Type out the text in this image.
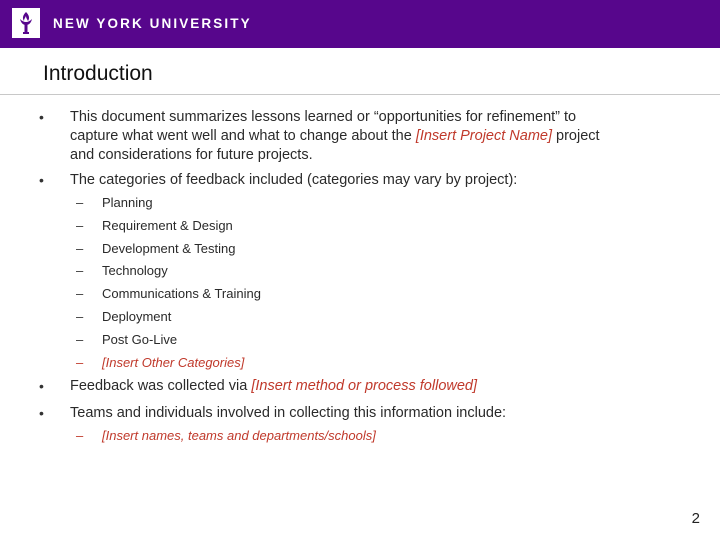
NEW YORK UNIVERSITY
Introduction
• This document summarizes lessons learned or “opportunities for refinement” to
capture what went well and what to change about the [Insert Project Name] project
and considerations for future projects.
• The categories of feedback included (categories may vary by project):
– Planning
– Requirement & Design
– Development & Testing
– Technology
– Communications & Training
– Deployment
– Post Go-Live
– [Insert Other Categories]
• Feedback was collected via [Insert method or process followed]
• Teams and individuals involved in collecting this information include:
– [Insert names, teams and departments/schools]
2
